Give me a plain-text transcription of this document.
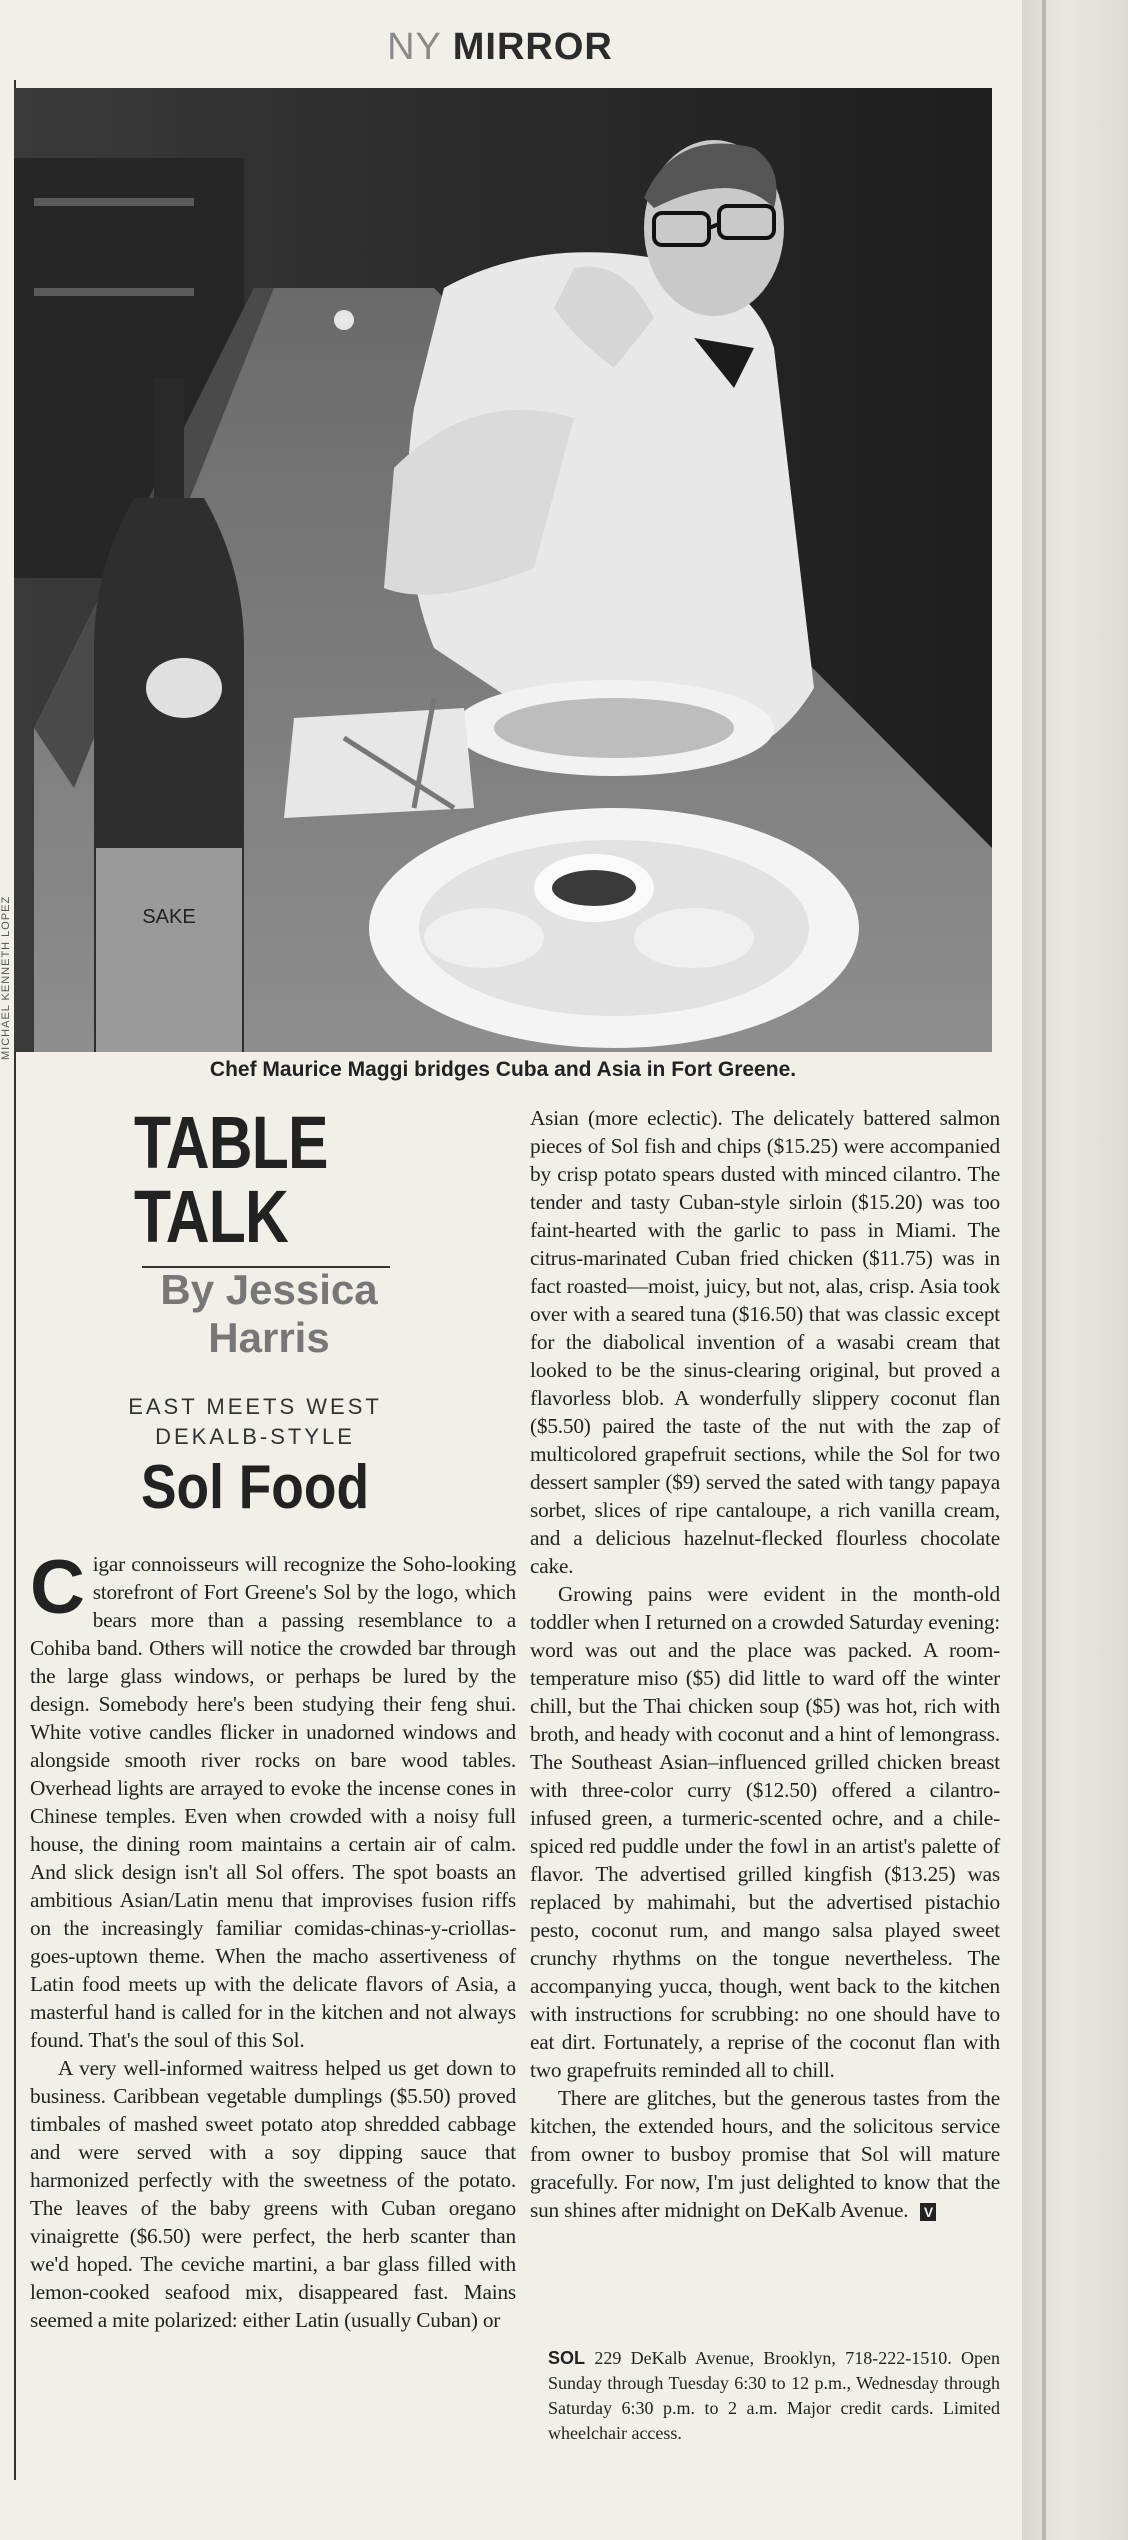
NY MIRROR
SAKE
MICHAEL KENNETH LOPEZ
Chef Maurice Maggi bridges Cuba and Asia in Fort Greene.
TABLE
TALK
By Jessica
Harris
EAST MEETS WEST
DEKALB-STYLE
Sol Food

Cigar connoisseurs will recognize the Soho-looking storefront of Fort Greene's Sol by the logo, which bears more than a passing resemblance to a Cohiba band. Others will notice the crowded bar through the large glass windows, or perhaps be lured by the design. Somebody here's been studying their feng shui. White votive candles flicker in unadorned windows and alongside smooth river rocks on bare wood tables. Overhead lights are arrayed to evoke the incense cones in Chinese temples. Even when crowded with a noisy full house, the dining room maintains a certain air of calm. And slick design isn't all Sol offers. The spot boasts an ambitious Asian/Latin menu that improvises fusion riffs on the increasingly familiar comidas-chinas-y-criollas-goes-uptown theme. When the macho assertiveness of Latin food meets up with the delicate flavors of Asia, a masterful hand is called for in the kitchen and not always found. That's the soul of this Sol.

A very well-informed waitress helped us get down to business. Caribbean vegetable dumplings ($5.50) proved timbales of mashed sweet potato atop shredded cabbage and were served with a soy dipping sauce that harmonized perfectly with the sweetness of the potato. The leaves of the baby greens with Cuban oregano vinaigrette ($6.50) were perfect, the herb scanter than we'd hoped. The ceviche martini, a bar glass filled with lemon-cooked seafood mix, disappeared fast. Mains seemed a mite polarized: either Latin (usually Cuban) or

Asian (more eclectic). The delicately battered salmon pieces of Sol fish and chips ($15.25) were accompanied by crisp potato spears dusted with minced cilantro. The tender and tasty Cuban-style sirloin ($15.20) was too faint-hearted with the garlic to pass in Miami. The citrus-marinated Cuban fried chicken ($11.75) was in fact roasted—moist, juicy, but not, alas, crisp. Asia took over with a seared tuna ($16.50) that was classic except for the diabolical invention of a wasabi cream that looked to be the sinus-clearing original, but proved a flavorless blob. A wonderfully slippery coconut flan ($5.50) paired the taste of the nut with the zap of multicolored grapefruit sections, while the Sol for two dessert sampler ($9) served the sated with tangy papaya sorbet, slices of ripe cantaloupe, a rich vanilla cream, and a delicious hazelnut-flecked flourless chocolate cake.

Growing pains were evident in the month-old toddler when I returned on a crowded Saturday evening: word was out and the place was packed. A room-temperature miso ($5) did little to ward off the winter chill, but the Thai chicken soup ($5) was hot, rich with broth, and heady with coconut and a hint of lemongrass. The Southeast Asian–influenced grilled chicken breast with three-color curry ($12.50) offered a cilantro-infused green, a turmeric-scented ochre, and a chile-spiced red puddle under the fowl in an artist's palette of flavor. The advertised grilled kingfish ($13.25) was replaced by mahimahi, but the advertised pistachio pesto, coconut rum, and mango salsa played sweet crunchy rhythms on the tongue nevertheless. The accompanying yucca, though, went back to the kitchen with instructions for scrubbing: no one should have to eat dirt. Fortunately, a reprise of the coconut flan with two grapefruits reminded all to chill.

There are glitches, but the generous tastes from the kitchen, the extended hours, and the solicitous service from owner to busboy promise that Sol will mature gracefully. For now, I'm just delighted to know that the sun shines after midnight on DeKalb Avenue. V

SOL 229 DeKalb Avenue, Brooklyn, 718-222-1510. Open Sunday through Tuesday 6:30 to 12 p.m., Wednesday through Saturday 6:30 p.m. to 2 a.m. Major credit cards. Limited wheelchair access.
